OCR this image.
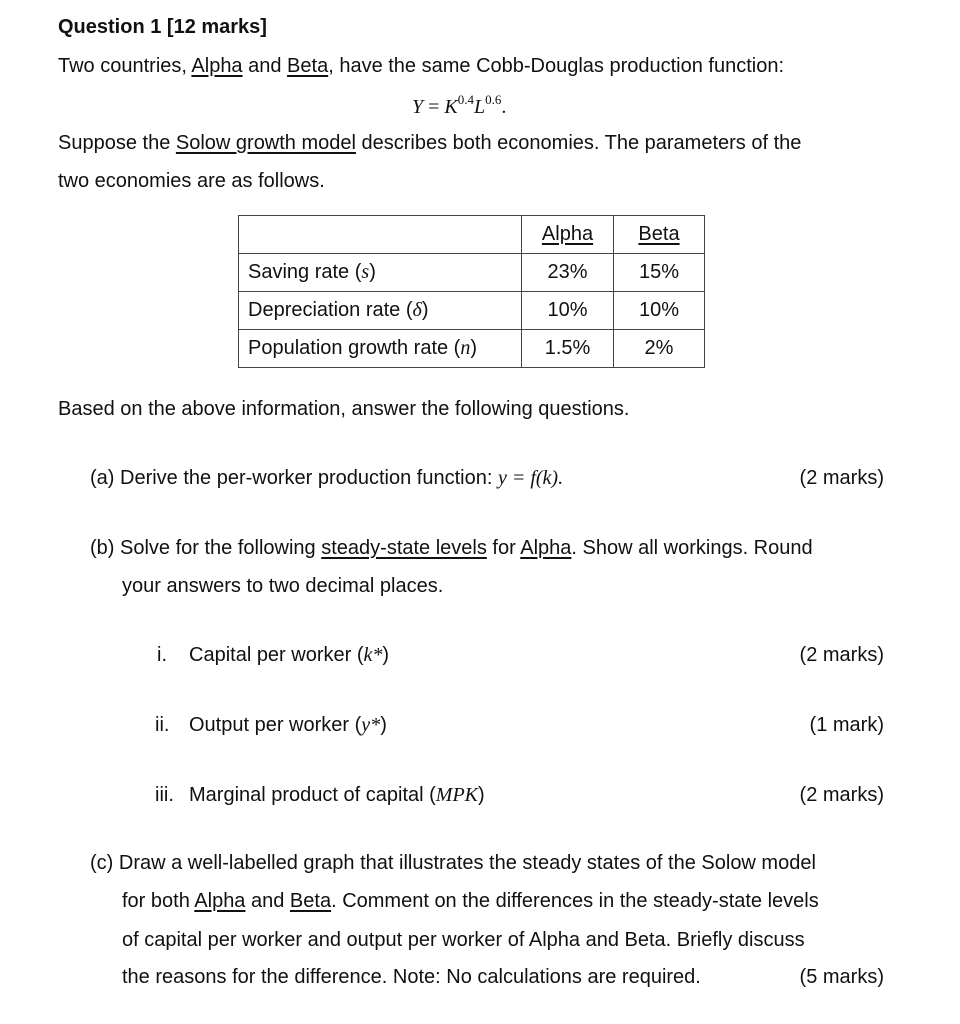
Question 1 [12 marks]
Two countries, Alpha and Beta, have the same Cobb-Douglas production function:
$Y = K^{0.4}L^{0.6}$.
Suppose the Solow growth model describes both economies. The parameters of the
two economies are as follows.
	Alpha	Beta
Saving rate (s)	23%	15%
Depreciation rate (δ)	10%	10%
Population growth rate (n)	1.5%	2%
Based on the above information, answer the following questions.
(a) Derive the per-worker production function: y = f(k).	(2 marks)
(b) Solve for the following steady-state levels for Alpha. Show all workings. Round
your answers to two decimal places.
i. Capital per worker (k*)	(2 marks)
ii. Output per worker (y*)	(1 mark)
iii. Marginal product of capital (MPK)	(2 marks)
(c) Draw a well-labelled graph that illustrates the steady states of the Solow model
for both Alpha and Beta. Comment on the differences in the steady-state levels
of capital per worker and output per worker of Alpha and Beta. Briefly discuss
the reasons for the difference. Note: No calculations are required.	(5 marks)
